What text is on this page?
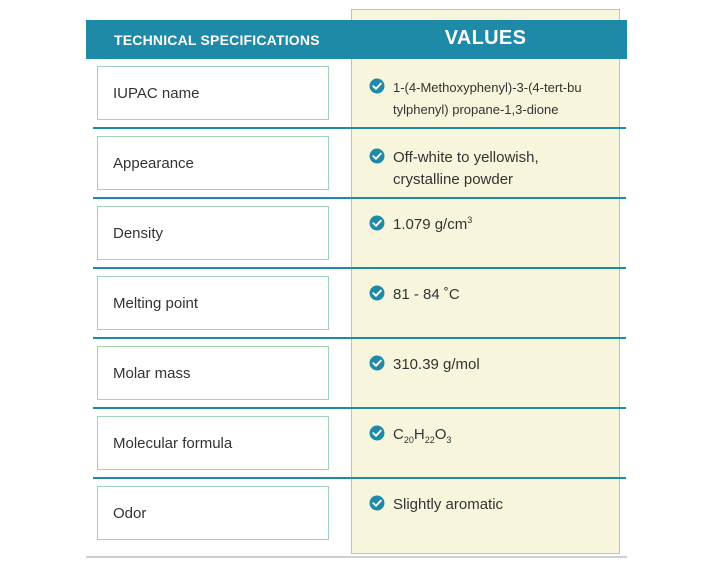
TECHNICAL SPECIFICATIONS	VALUES
IUPAC name	1-(4-Methoxyphenyl)-3-(4-tert-bu
tylphenyl) propane-1,3-dione
Appearance	Off-white to yellowish,
crystalline powder
Density	1.079 $g/cm^3$
Melting point	81 - 84 ˚C
Molar mass	310.39 g/mol
Molecular formula	$C_{20}H_{22}O_3$
Odor	Slightly aromatic
